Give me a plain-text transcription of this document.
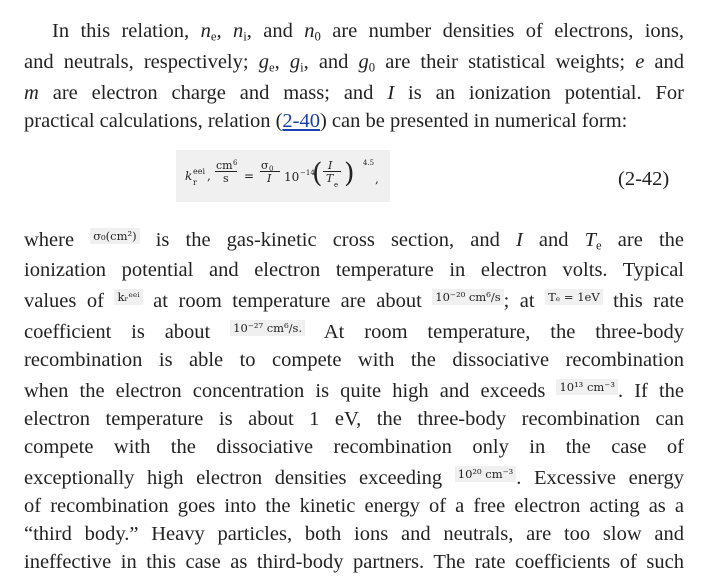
In this relation, $n_e$, $n_i$, and $n_0$ are number densities of electrons, ions,
and neutrals, respectively; $g_e$, $g_i$, and $g_0$ are their statistical weights; e and
m are electron charge and mass; and I is an ionization potential. For
practical calculations, relation (2-40) can be presented in numerical form:
k eei
r ,
cm 6
s =
σ 0
I 10 −14
( I
T e ) 4.5
,	(2-42)
where σ₀(cm²) is the gas-kinetic cross section, and I and $T_e$ are the
ionization potential and electron temperature in electron volts. Typical
values of kᵣᵉᵉⁱ at room temperature are about 10⁻²⁰ cm⁶/s ; at Tₑ = 1eV this rate
coefficient is about 10⁻²⁷ cm⁶/s. At room temperature, the three-body
recombination is able to compete with the dissociative recombination
when the electron concentration is quite high and exceeds 10¹³ cm⁻³ . If the
electron temperature is about 1 eV, the three-body recombination can
compete with the dissociative recombination only in the case of
exceptionally high electron densities exceeding 10²⁰ cm⁻³ . Excessive energy
of recombination goes into the kinetic energy of a free electron acting as a
“third body.” Heavy particles, both ions and neutrals, are too slow and
ineffective in this case as third-body partners. The rate coefficients of such
